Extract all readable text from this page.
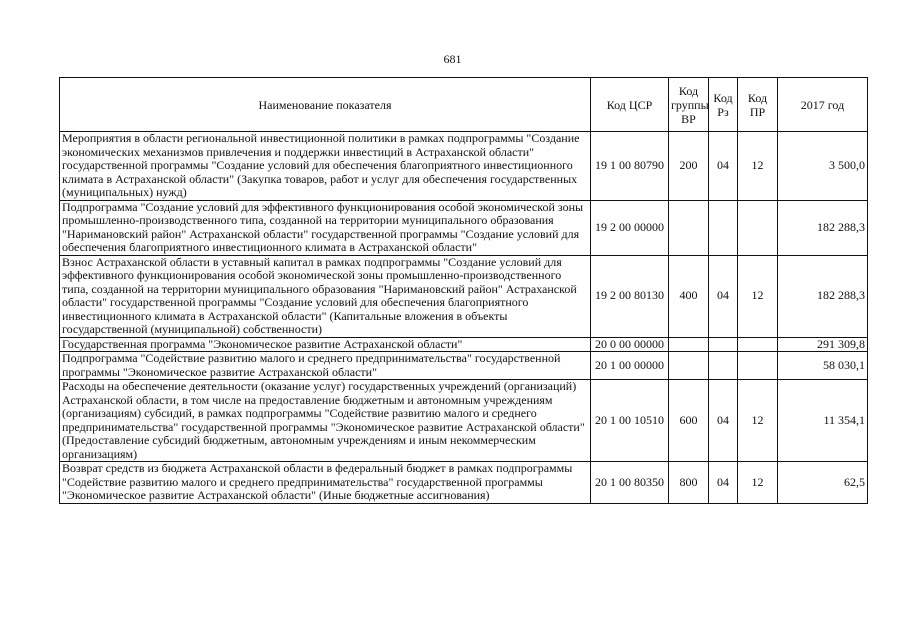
681
Наименование показателя	Код ЦСР	Код группы ВР	Код Рз	Код ПР	2017 год
Мероприятия в области региональной инвестиционной политики в рамках подпрограммы "Создание экономических механизмов привлечения и поддержки инвестиций в Астраханской области" государственной программы "Создание условий для обеспечения благоприятного инвестиционного климата в Астраханской области" (Закупка товаров, работ и услуг для обеспечения государственных (муниципальных) нужд)	19 1 00 80790	200	04	12	3 500,0
Подпрограмма "Создание условий для эффективного функционирования особой экономической зоны промышленно-производственного типа, созданной на территории муниципального образования "Наримановский район" Астраханской области" государственной программы "Создание условий для обеспечения благоприятного инвестиционного климата в Астраханской области"	19 2 00 00000				182 288,3
Взнос Астраханской области в уставный капитал в рамках подпрограммы "Создание условий для эффективного функционирования особой экономической зоны промышленно-производственного типа, созданной на территории муниципального образования "Наримановский район" Астраханской области" государственной программы "Создание условий для обеспечения благоприятного инвестиционного климата в Астраханской области" (Капитальные вложения в объекты государственной (муниципальной) собственности)	19 2 00 80130	400	04	12	182 288,3
Государственная программа "Экономическое развитие Астраханской области"	20 0 00 00000				291 309,8
Подпрограмма "Содействие развитию малого и среднего предпринимательства" государственной программы "Экономическое развитие Астраханской области"	20 1 00 00000				58 030,1
Расходы на обеспечение деятельности (оказание услуг) государственных учреждений (организаций) Астраханской области, в том числе на предоставление бюджетным и автономным учреждениям (организациям) субсидий, в рамках подпрограммы "Содействие развитию малого и среднего предпринимательства" государственной программы "Экономическое развитие Астраханской области" (Предоставление субсидий бюджетным, автономным учреждениям и иным некоммерческим организациям)	20 1 00 10510	600	04	12	11 354,1
Возврат средств из бюджета Астраханской области в федеральный бюджет в рамках подпрограммы "Содействие развитию малого и среднего предпринимательства" государственной программы "Экономическое развитие Астраханской области" (Иные бюджетные ассигнования)	20 1 00 80350	800	04	12	62,5
